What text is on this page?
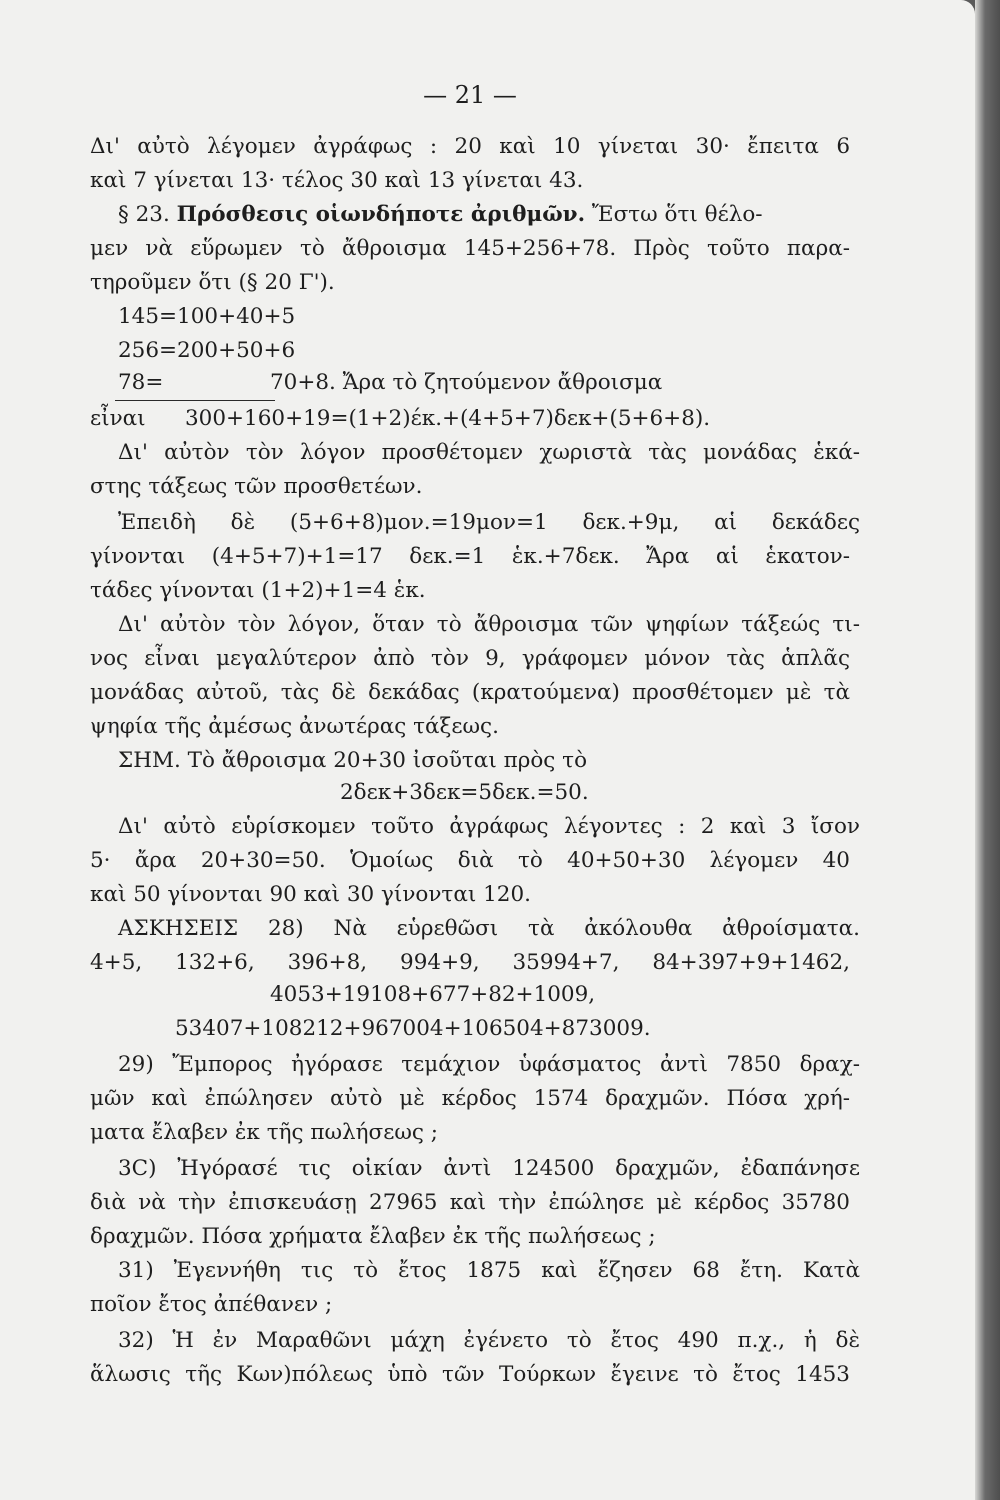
— 21 —
Δι' αὐτὸ λέγομεν ἀγράφως : 20 καὶ 10 γίνεται 30· ἔπειτα 6
καὶ 7 γίνεται 13· τέλος 30 καὶ 13 γίνεται 43.
§ 23. Πρόσθεσις οἱωνδήποτε ἀριθμῶν. Ἔστω ὅτι θέλο-
μεν νὰ εὕρωμεν τὸ ἄθροισμα 145+256+78. Πρὸς τοῦτο παρα-
τηροῦμεν ὅτι (§ 20 Γ').
145=100+40+5
256=200+50+6
78=	70+8. Ἄρα τὸ ζητούμενον ἄθροισμα
εἶναι 300+160+19=(1+2)έκ.+(4+5+7)δεκ+(5+6+8).
Δι' αὐτὸν τὸν λόγον προσθέτομεν χωριστὰ τὰς μονάδας ἑκά-
στης τάξεως τῶν προσθετέων.
Ἐπειδὴ δὲ (5+6+8)μον.=19μον=1 δεκ.+9μ, αἱ δεκάδες
γίνονται (4+5+7)+1=17 δεκ.=1 ἑκ.+7δεκ. Ἄρα αἱ ἑκατον-
τάδες γίνονται (1+2)+1=4 ἑκ.
Δι' αὐτὸν τὸν λόγον, ὅταν τὸ ἄθροισμα τῶν ψηφίων τάξεώς τι-
νος εἶναι μεγαλύτερον ἀπὸ τὸν 9, γράφομεν μόνον τὰς ἁπλᾶς
μονάδας αὐτοῦ, τὰς δὲ δεκάδας (κρατούμενα) προσθέτομεν μὲ τὰ
ψηφία τῆς ἀμέσως ἀνωτέρας τάξεως.
ΣΗΜ. Τὸ ἄθροισμα 20+30 ἰσοῦται πρὸς τὸ
2δεκ+3δεκ=5δεκ.=50.
Δι' αὐτὸ εὑρίσκομεν τοῦτο ἀγράφως λέγοντες : 2 καὶ 3 ἴσον
5· ἄρα 20+30=50. Ὁμοίως διὰ τὸ 40+50+30 λέγομεν 40
καὶ 50 γίνονται 90 καὶ 30 γίνονται 120.
ΑΣΚΗΣΕΙΣ 28) Νὰ εὑρεθῶσι τὰ ἀκόλουθα ἀθροίσματα.
4+5, 132+6, 396+8, 994+9, 35994+7, 84+397+9+1462,
4053+19108+677+82+1009,
53407+108212+967004+106504+873009.
29) Ἔμπορος ἠγόρασε τεμάχιον ὑφάσματος ἀντὶ 7850 δραχ-
μῶν καὶ ἐπώλησεν αὐτὸ μὲ κέρδος 1574 δραχμῶν. Πόσα χρή-
ματα ἔλαβεν ἐκ τῆς πωλήσεως ;
3C) Ἠγόρασέ τις οἰκίαν ἀντὶ 124500 δραχμῶν, ἐδαπάνησε
διὰ νὰ τὴν ἐπισκευάσῃ 27965 καὶ τὴν ἐπώλησε μὲ κέρδος 35780
δραχμῶν. Πόσα χρήματα ἔλαβεν ἐκ τῆς πωλήσεως ;
31) Ἐγεννήθη τις τὸ ἔτος 1875 καὶ ἔζησεν 68 ἔτη. Κατὰ
ποῖον ἔτος ἀπέθανεν ;
32) Ἡ ἐν Μαραθῶνι μάχη ἐγένετο τὸ ἔτος 490 π.χ., ἡ δὲ
ἅλωσις τῆς Κων)πόλεως ὑπὸ τῶν Τούρκων ἔγεινε τὸ ἔτος 1453
